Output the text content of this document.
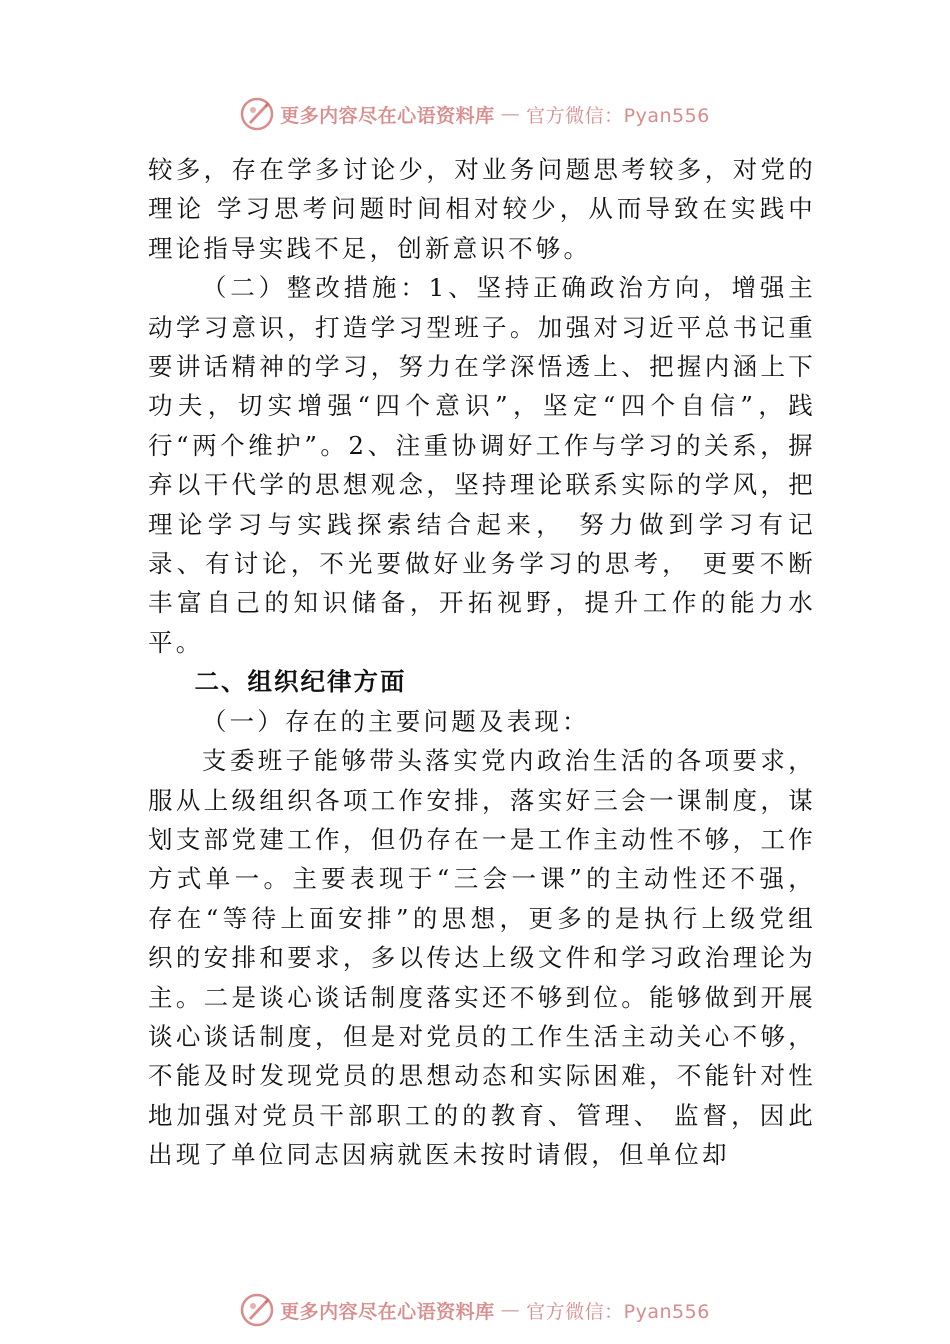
更多内容尽在心语资料库 — 官方微信：Pyan556

较多，存在学多讨论少，对业务问题思考较多，对党的理论 学习思考问题时间相对较少，从而导致在实践中理论指导实践不足，创新意识不够。

（二）整改措施：1、坚持正确政治方向，增强主动学习意识，打造学习型班子。加强对习近平总书记重要讲话精神的学习，努力在学深悟透上、把握内涵上下功夫，切实增强“四个意识”，坚定“四个自信”，践行“两个维护”。2、注重协调好工作与学习的关系，摒弃以干代学的思想观念，坚持理论联系实际的学风，把理论学习与实践探索结合起来， 努力做到学习有记录、有讨论，不光要做好业务学习的思考， 更要不断丰富自己的知识储备，开拓视野，提升工作的能力水平。

二、组织纪律方面

（一）存在的主要问题及表现：

支委班子能够带头落实党内政治生活的各项要求，服从上级组织各项工作安排，落实好三会一课制度，谋划支部党建工作，但仍存在一是工作主动性不够，工作方式单一。主要表现于“三会一课”的主动性还不强，存在“等待上面安排”的思想，更多的是执行上级党组织的安排和要求，多以传达上级文件和学习政治理论为主。二是谈心谈话制度落实还不够到位。能够做到开展谈心谈话制度，但是对党员的工作生活主动关心不够，不能及时发现党员的思想动态和实际困难，不能针对性地加强对党员干部职工的的教育、管理、 监督，因此出现了单位同志因病就医未按时请假，但单位却

更多内容尽在心语资料库 — 官方微信：Pyan556
